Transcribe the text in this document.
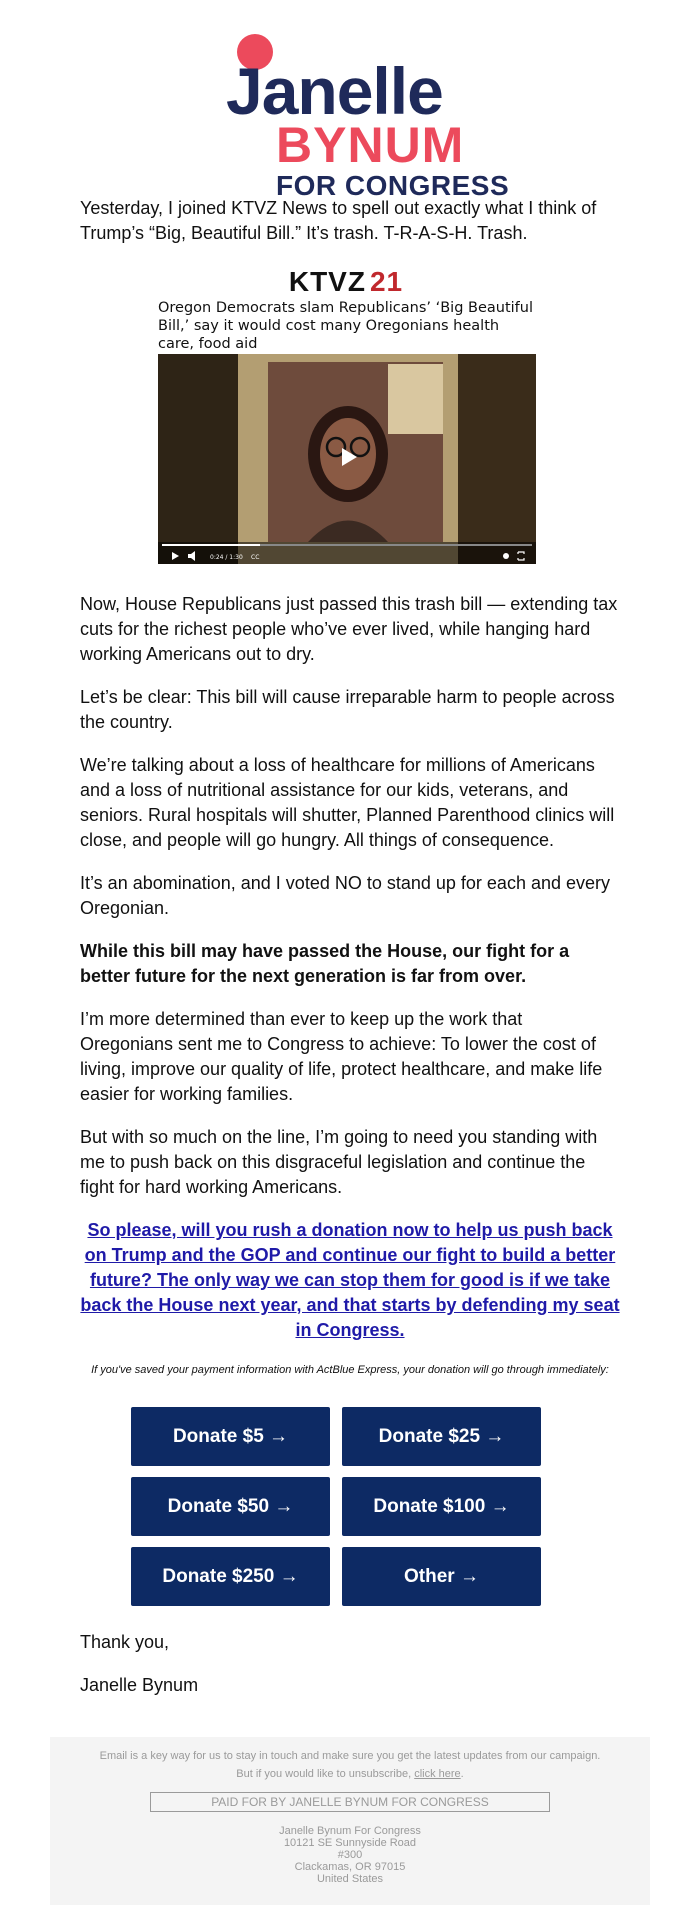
Janelle
BYNUM
FOR CONGRESS

Yesterday, I joined KTVZ News to spell out exactly what I think of Trump’s “Big, Beautiful Bill.” It’s trash. T-R-A-S-H. Trash.

KTVZ 21
Oregon Democrats slam Republicans’ ‘Big Beautiful Bill,’ say it would cost many Oregonians health care, food aid
0:24 / 1:30 CC

Now, House Republicans just passed this trash bill — extending tax cuts for the richest people who’ve ever lived, while hanging hard working Americans out to dry.

Let’s be clear: This bill will cause irreparable harm to people across the country.

We’re talking about a loss of healthcare for millions of Americans and a loss of nutritional assistance for our kids, veterans, and seniors. Rural hospitals will shutter, Planned Parenthood clinics will close, and people will go hungry. All things of consequence.

It’s an abomination, and I voted NO to stand up for each and every Oregonian.

While this bill may have passed the House, our fight for a better future for the next generation is far from over.

I’m more determined than ever to keep up the work that Oregonians sent me to Congress to achieve: To lower the cost of living, improve our quality of life, protect healthcare, and make life easier for working families.

But with so much on the line, I’m going to need you standing with me to push back on this disgraceful legislation and continue the fight for hard working Americans.

So please, will you rush a donation now to help us push back on Trump and the GOP and continue our fight to build a better future? The only way we can stop them for good is if we take back the House next year, and that starts by defending my seat in Congress.
If you've saved your payment information with ActBlue Express, your donation will go through immediately:
Donate $5 →	Donate $25 →
Donate $50 →	Donate $100 →
Donate $250 →	Other →
Thank you,
Janelle Bynum
Email is a key way for us to stay in touch and make sure you get the latest updates from our campaign.
But if you would like to unsubscribe, click here.
PAID FOR BY JANELLE BYNUM FOR CONGRESS
Janelle Bynum For Congress
10121 SE Sunnyside Road
#300
Clackamas, OR 97015
United States
